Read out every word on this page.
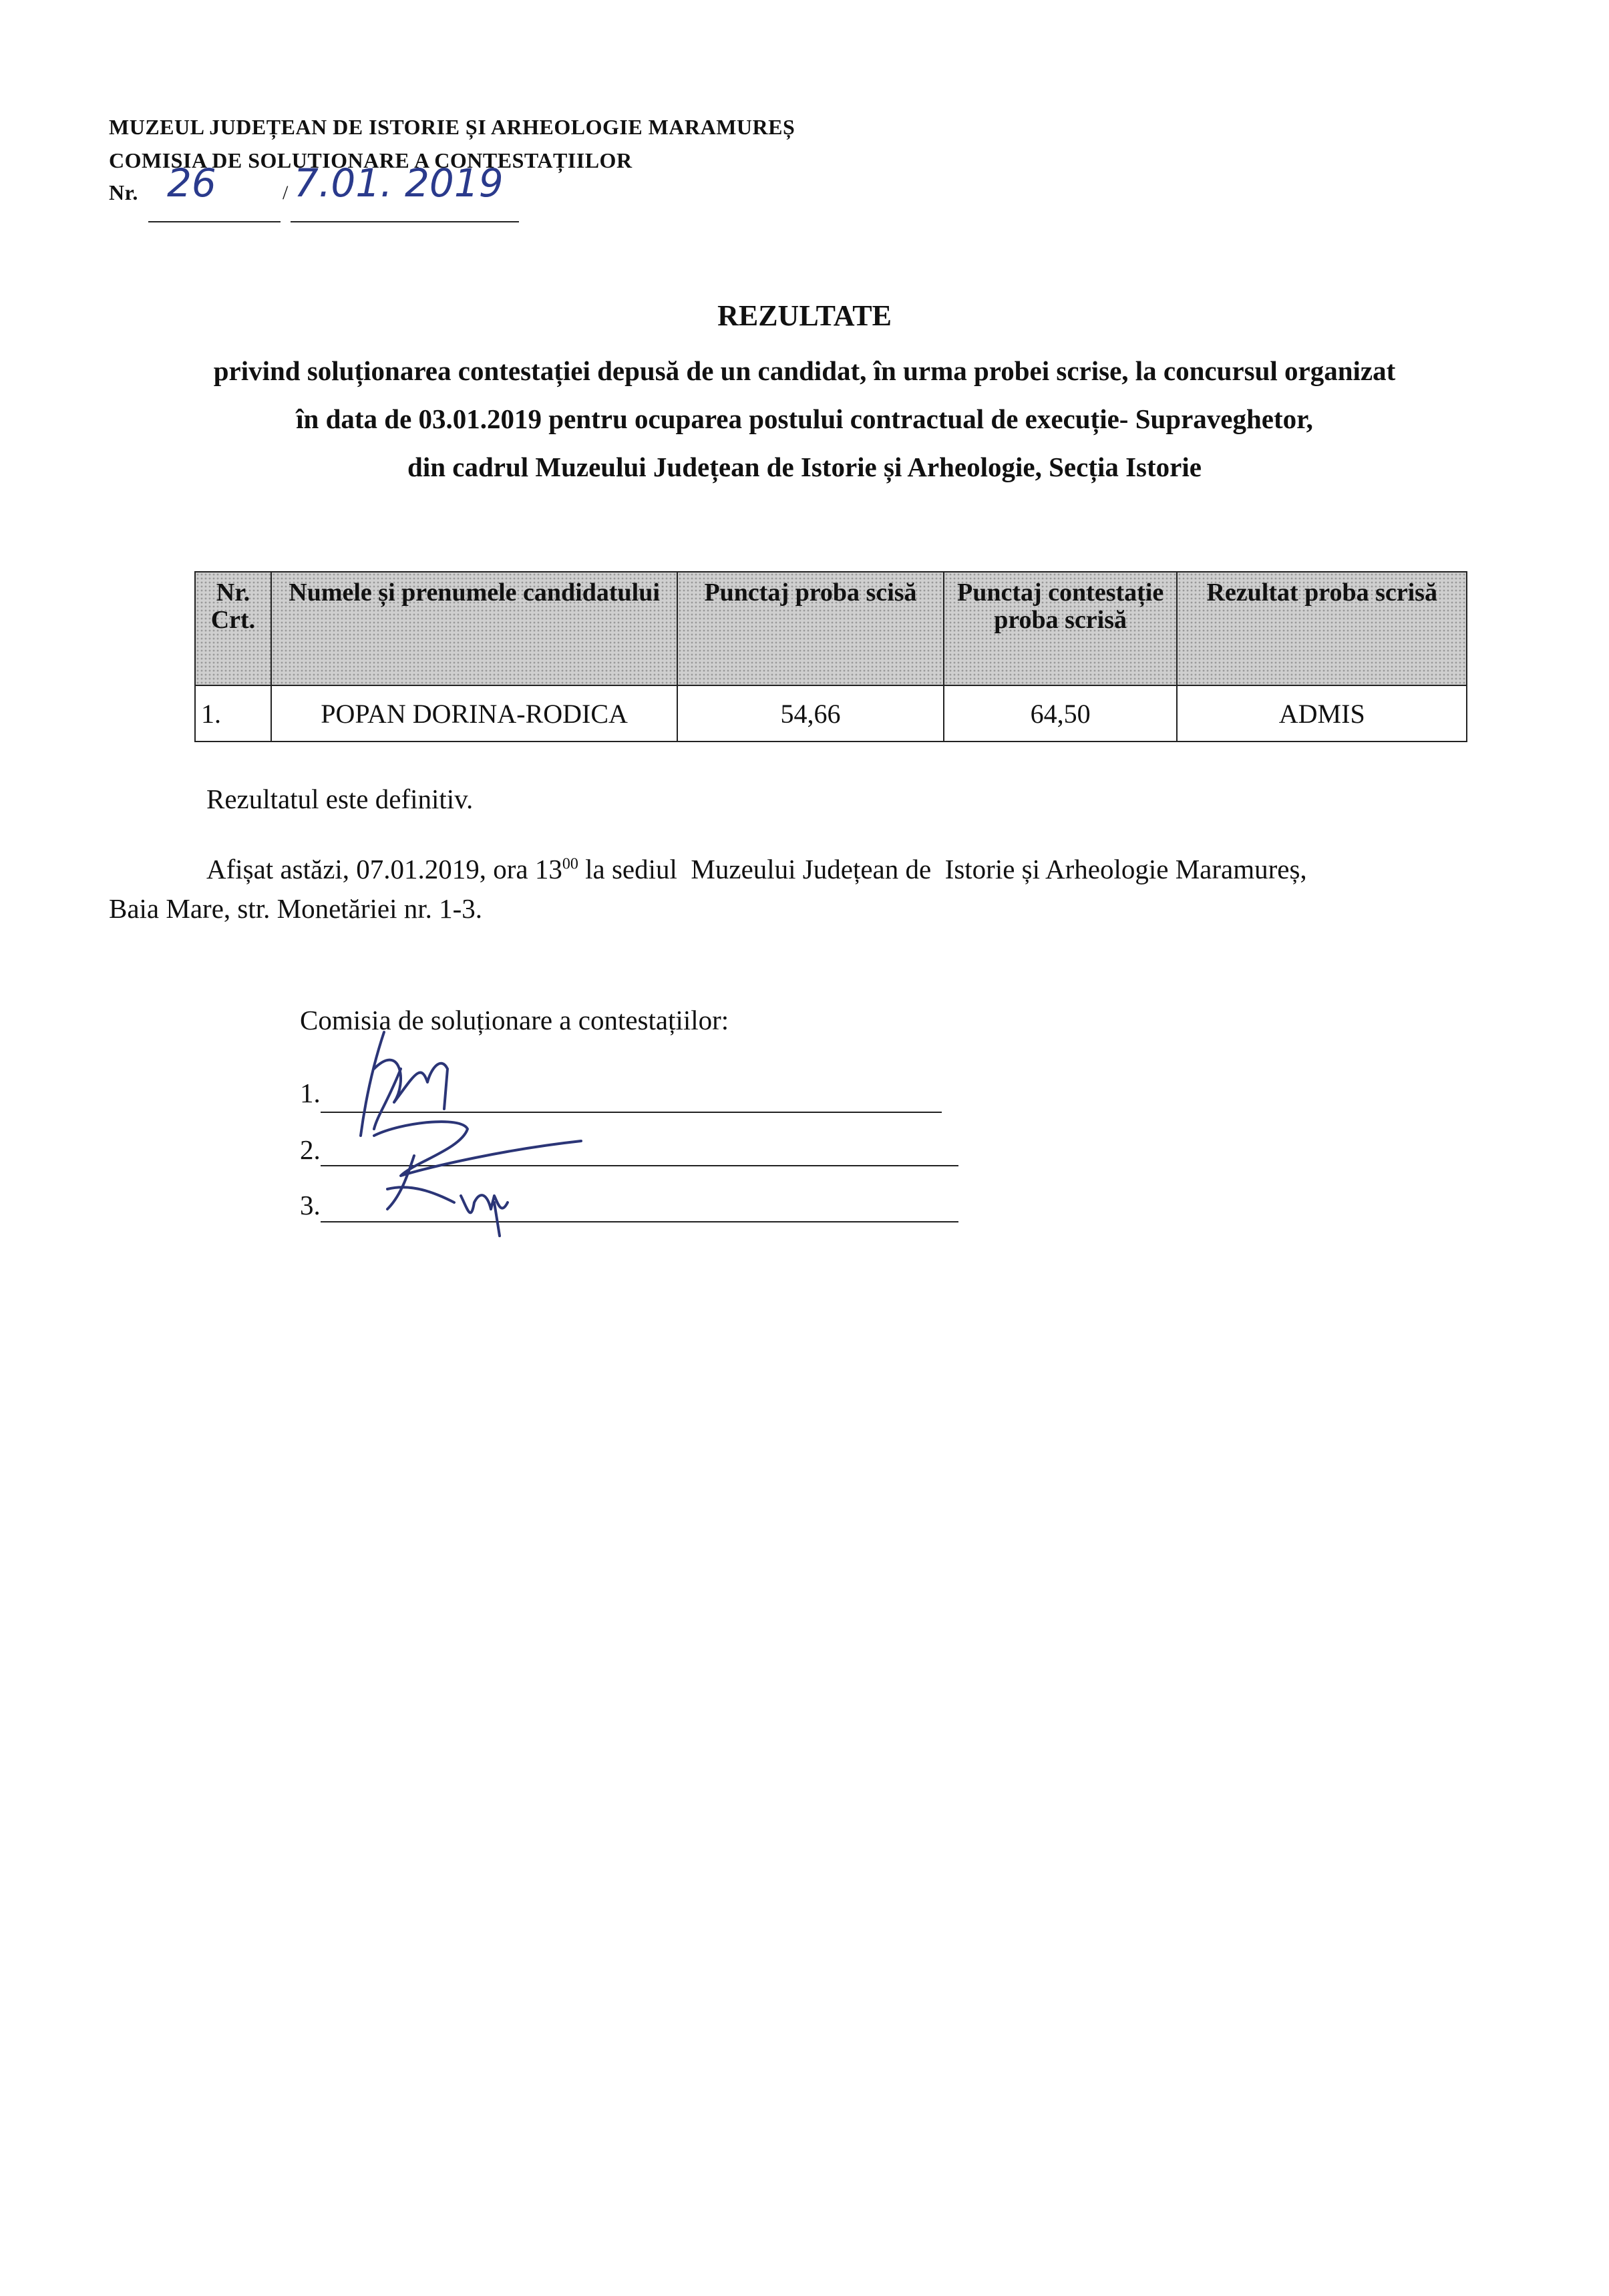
MUZEUL JUDEȚEAN DE ISTORIE ȘI ARHEOLOGIE MARAMUREȘ
COMISIA DE SOLUȚIONARE A CONTESTAȚIILOR
Nr. 26	/ 7.01. 2019
REZULTATE
privind soluționarea contestației depusă de un candidat, în urma probei scrise, la concursul organizat
în data de 03.01.2019 pentru ocuparea postului contractual de execuție- Supraveghetor,
din cadrul Muzeului Județean de Istorie și Arheologie, Secția Istorie
Nr. Crt.	Numele și prenumele candidatului	Punctaj proba scisă	Punctaj contestație proba scrisă	Rezultat proba scrisă
1.	POPAN DORINA-RODICA	54,66	64,50	ADMIS
Rezultatul este definitiv.
Afișat astăzi, 07.01.2019, ora $13^{00}$ la sediul  Muzeului Județean de  Istorie și Arheologie Maramureș,
Baia Mare, str. Monetăriei nr. 1-3.
Comisia de soluționare a contestațiilor:
1.
2.
3.
